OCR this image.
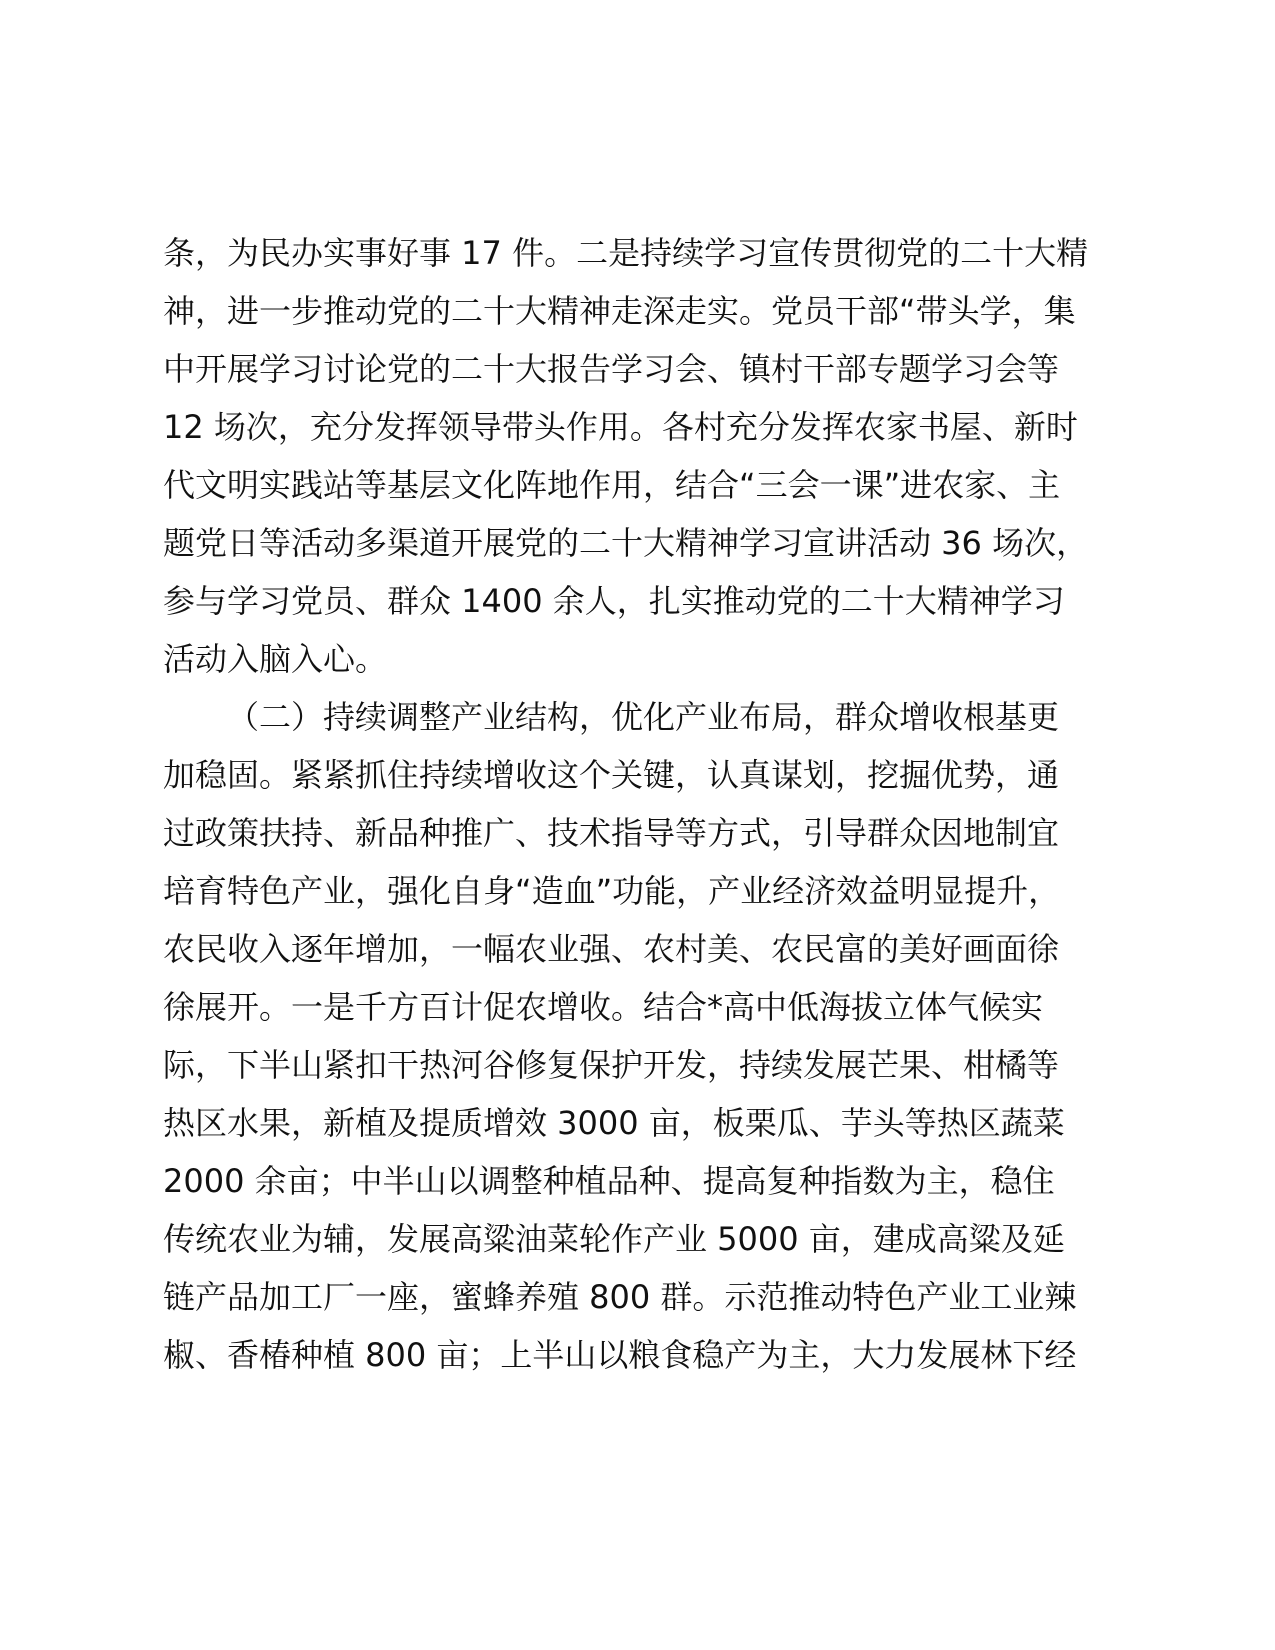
条，为民办实事好事 17 件。二是持续学习宣传贯彻党的二十大精
神，进一步推动党的二十大精神走深走实。党员干部“带头学，集
中开展学习讨论党的二十大报告学习会、镇村干部专题学习会等
12 场次，充分发挥领导带头作用。各村充分发挥农家书屋、新时
代文明实践站等基层文化阵地作用，结合“三会一课”进农家、主
题党日等活动多渠道开展党的二十大精神学习宣讲活动 36 场次，
参与学习党员、群众 1400 余人，扎实推动党的二十大精神学习
活动入脑入心。
（二）持续调整产业结构，优化产业布局，群众增收根基更
加稳固。紧紧抓住持续增收这个关键，认真谋划，挖掘优势，通
过政策扶持、新品种推广、技术指导等方式，引导群众因地制宜
培育特色产业，强化自身“造血”功能，产业经济效益明显提升，
农民收入逐年增加，一幅农业强、农村美、农民富的美好画面徐
徐展开。一是千方百计促农增收。结合*高中低海拔立体气候实
际，下半山紧扣干热河谷修复保护开发，持续发展芒果、柑橘等
热区水果，新植及提质增效 3000 亩，板栗瓜、芋头等热区蔬菜
2000 余亩；中半山以调整种植品种、提高复种指数为主，稳住
传统农业为辅，发展高粱油菜轮作产业 5000 亩，建成高粱及延
链产品加工厂一座，蜜蜂养殖 800 群。示范推动特色产业工业辣
椒、香椿种植 800 亩；上半山以粮食稳产为主，大力发展林下经
